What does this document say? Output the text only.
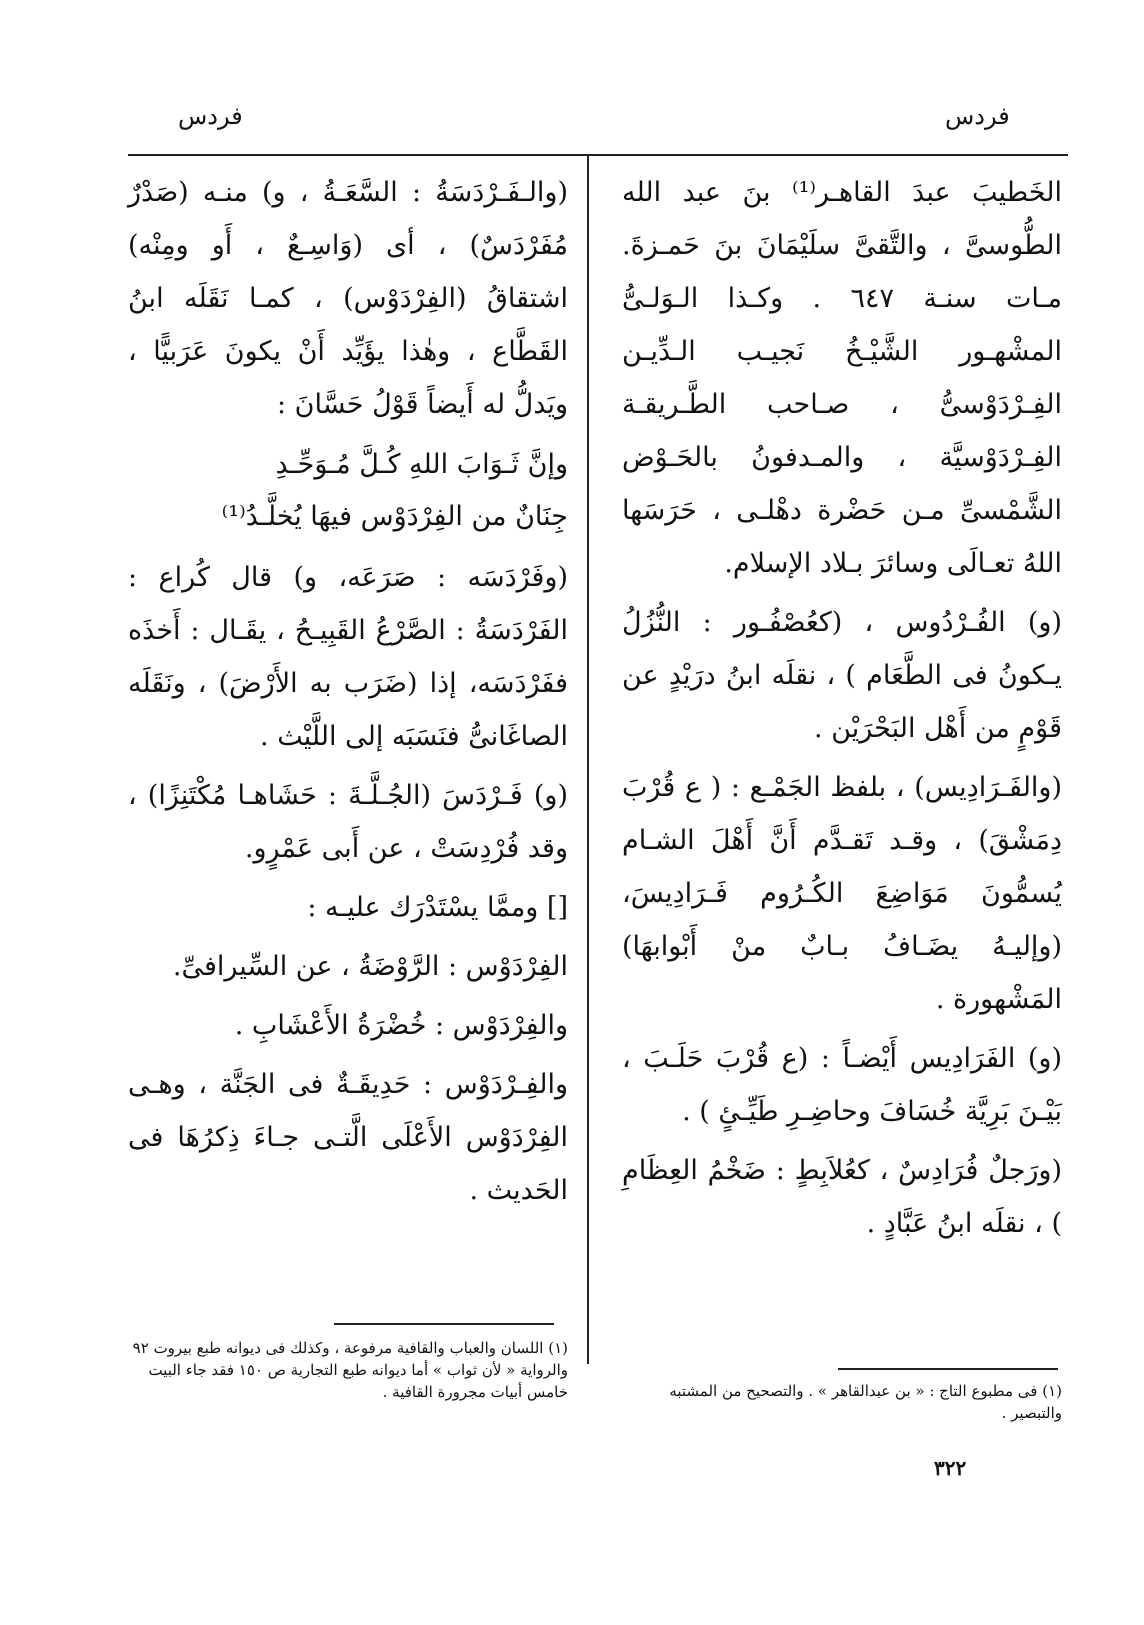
فردس
فردس

الخَطيبَ عبدَ القاهـر⁽¹⁾ بنَ عبد الله الطُّوسىَّ ، والتَّقىَّ سلَيْمَانَ بنَ حَمـزةَ. مـات سنـة ٦٤٧ . وكـذا الـوَلـىُّ المشْهـور الشَّيْـخُ نَجيـب الـدِّيـن الفِـرْدَوْسىُّ ، صـاحب الطَّـريقـة الفِـرْدَوْسيَّة ، والمـدفونُ بالحَـوْض الشَّمْسىِّ مـن حَضْرة دهْلـى ، حَرَسَها اللهُ تعـالَى وسائرَ بـلاد الإسلام.

(و) الفُـرْدُوس ، (كعُصْفُـور : النُّزُلُ يـكونُ فى الطَّعَام ) ، نقلَه ابنُ درَيْدٍ عن قَوْمٍ من أَهْل البَحْرَيْن .

(والفَـرَادِيس) ، بلفظ الجَمْـع : ( ع قُرْبَ دِمَشْقَ) ، وقـد تَقـدَّم أَنَّ أَهْلَ الشـام يُسمُّونَ مَوَاضِعَ الكُـرُوم فَـرَادِيسَ، (وإليـهُ يضَـافُ بـابٌ منْ أَبْوابهَا) المَشْهورة .

(و) الفَرَادِيس أَيْضـاً : (ع قُرْبَ حَلَـبَ ، بَيْـنَ بَرِيَّة خُسَافَ وحاضِـرِ طَيِّـئٍ ) .

(ورَجلٌ فُرَادِسٌ ، كعُلاَبِطٍ : ضَخْمُ العِظَامِ ) ، نقلَه ابنُ عَبَّادٍ .

(والـفَـرْدَسَةُ : السَّعَـةُ ، و) منـه (صَدْرٌ مُفَرْدَسٌ) ، أى (وَاسِـعٌ ، أَو ومِنْه) اشتقاقُ (الفِرْدَوْس) ، كمـا نَقَلَه ابنُ القَطَّاع ، وهٰذا يؤَيِّد أَنْ يكونَ عَرَبيًّا ، ويَدلُّ له أَيضاً قَوْلُ حَسَّانَ :

وإنَّ ثَـوَابَ اللهِ كُـلَّ مُـوَحِّـدِ
جِنَانٌ من الفِرْدَوْس فيهَا يُخلَّـدُ⁽¹⁾

(وفَرْدَسَه : صَرَعَه، و) قال كُراع : الفَرْدَسَةُ : الصَّرْعُ القَبِيـحُ ، يقَـال : أَخذَه ففَرْدَسَه، إذا (ضَرَب به الأَرْضَ) ، ونَقَلَه الصاغَانىُّ فنَسَبَه إلى اللَّيْث .

(و) فَـرْدَسَ (الجُـلَّـةَ : حَشَاهـا مُكْتَنِزًا) ، وقد فُرْدِسَتْ ، عن أَبى عَمْرٍو.

[] وممَّا يسْتَدْرَك عليـه :

الفِرْدَوْس : الرَّوْضَةُ ، عن السِّيرافىِّ.

والفِرْدَوْس : خُضْرَةُ الأَعْشَابِ .

والفِـرْدَوْس : حَدِيقَـةٌ فى الجَنَّة ، وهـى الفِرْدَوْس الأَعْلَى الَّتـى جـاءَ ذِكرُهَا فى الحَديث .

(١) فى مطبوع التاج : « بن عبدالقاهر » . والتصحيح من المشتبه والتبصير .
(١) اللسان والعباب والقافية مرفوعة ، وكذلك فى ديوانه طبع بيروت ٩٢ والرواية « لأن ثواب » أما ديوانه طبع التجارية ص ١٥٠ فقد جاء البيت خامس أبيات مجرورة القافية .
٣٢٢
